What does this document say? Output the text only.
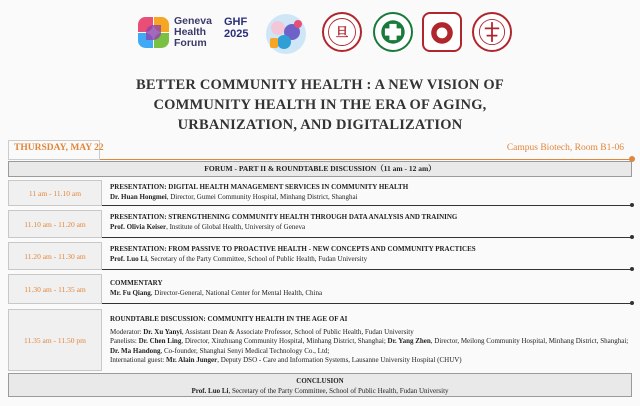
Geneva
Health
Forum
GHF
2025	旦
BETTER COMMUNITY HEALTH : A NEW VISION OF
COMMUNITY HEALTH IN THE ERA OF AGING,
URBANIZATION, AND DIGITALIZATION
THURSDAY, MAY 22	Campus Biotech, Room B1-06
FORUM - PART II & ROUNDTABLE DISCUSSION（11 am - 12 am）
11 am - 11.10 am
PRESENTATION: DIGITAL HEALTH MANAGEMENT SERVICES IN COMMUNITY HEALTH
Dr. Huan Hongmei, Director, Gumei Community Hospital, Minhang District, Shanghai
11.10 am - 11.20 am
PRESENTATION: STRENGTHENING COMMUNITY HEALTH THROUGH DATA ANALYSIS AND TRAINING
Prof. Olivia Keiser, Institute of Global Health, University of Geneva
11.20 am - 11.30 am
PRESENTATION: FROM PASSIVE TO PROACTIVE HEALTH - NEW CONCEPTS AND COMMUNITY PRACTICES
Prof. Luo Li, Secretary of the Party Committee, School of Public Health, Fudan University
11.30 am - 11.35 am
COMMENTARY
Mr. Fu Qiang, Director-General, National Center for Mental Health, China
11.35 am - 11.50 pm
ROUNDTABLE DISCUSSION: COMMUNITY HEALTH IN THE AGE OF AI
Moderator: Dr. Xu Yanyi, Assistant Dean & Associate Professor, School of Public Health, Fudan University
Panelists: Dr. Chen Ling, Director, Xinzhuang Community Hospital, Minhang District, Shanghai; Dr. Yang Zhen, Director, Meilong Community Hospital, Minhang District, Shanghai; Dr. Ma Handong, Co-founder, Shanghai Senyi Medical Technology Co., Ltd;
International guest: Mr. Alain Junger, Deputy DSO - Care and Information Systems, Lausanne University Hospital (CHUV)
CONCLUSION
Prof. Luo Li, Secretary of the Party Committee, School of Public Health, Fudan University
